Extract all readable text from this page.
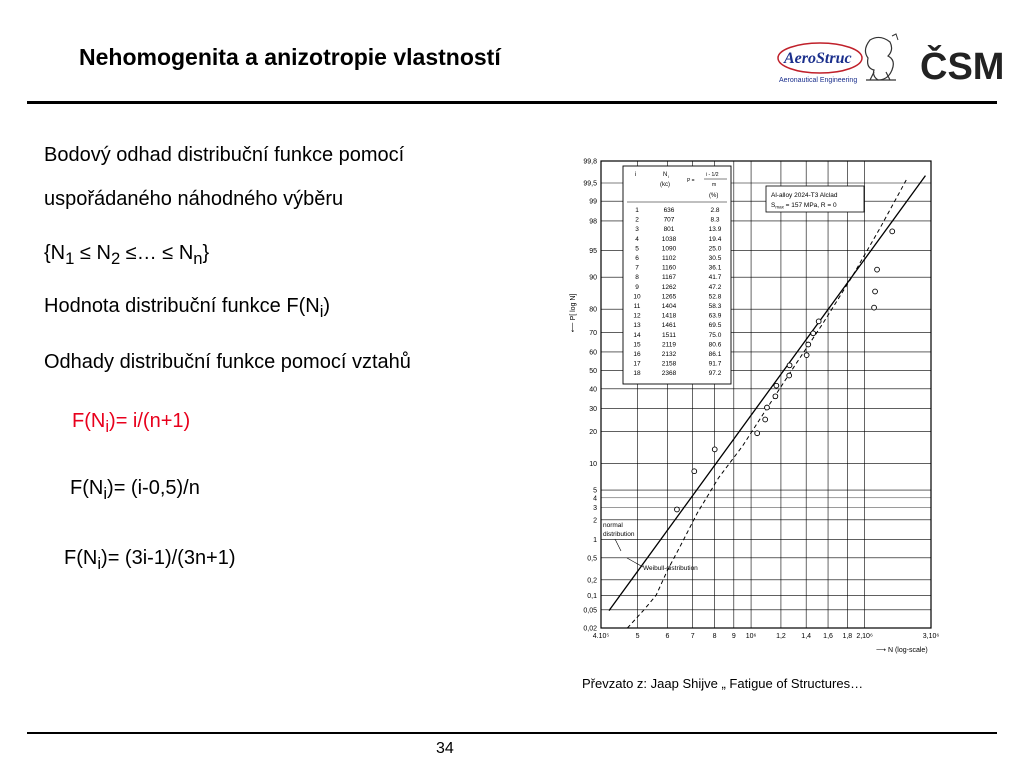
Nehomogenita a anizotropie vlastností	AeroStruc
Aeronautical Engineering ČSM
Bodový odhad distribuční funkce pomocí
uspořádaného náhodného výběru
{$N_1 \le N_2$ ≤… ≤ $N_n$}
Hodnota distribuční funkce $F(N_i)$
Odhady distribuční funkce pomocí vztahů
$F(N_i)= i/(n+1)$
$F(N_i)= (i-0,5)/n$
$F(N_i)= (3i-1)/(3n+1)$
99,8
99,5
99
98
95
90
80
70
60
50
40
30
20
10
5
2
1
0,5
0,2
0,1
0,05
0,02
4
3
4.10⁵	5	6	7	8 9 10⁶	1,2 1,4 1,6 1,8 2,10⁶	3,10⁶
⟵ P[ log N]
⟶ N (log-scale)
i	N i
(kc)
P =
i - 1/2
m
(%)
1	636	2.8
2	707	8.3
3	801	13.9
4	1038	19.4
5	1090	25.0
6	1102	30.5
7	1160	36.1
8	1167	41.7
9	1262	47.2
10	1265	52.8
11	1404	58.3
12	1418	63.9
13	1461	69.5
14	1511	75.0
15	2119	80.6
16	2132	86.1
17	2158	91.7
18	2368	97.2
Al-alloy 2024-T3 Alclad
$S_{max} = 157$ MPa, R = 0
normal
distribution
Weibull-distribution
Převzato z: Jaap Shijve „ Fatigue of Structures…
34
